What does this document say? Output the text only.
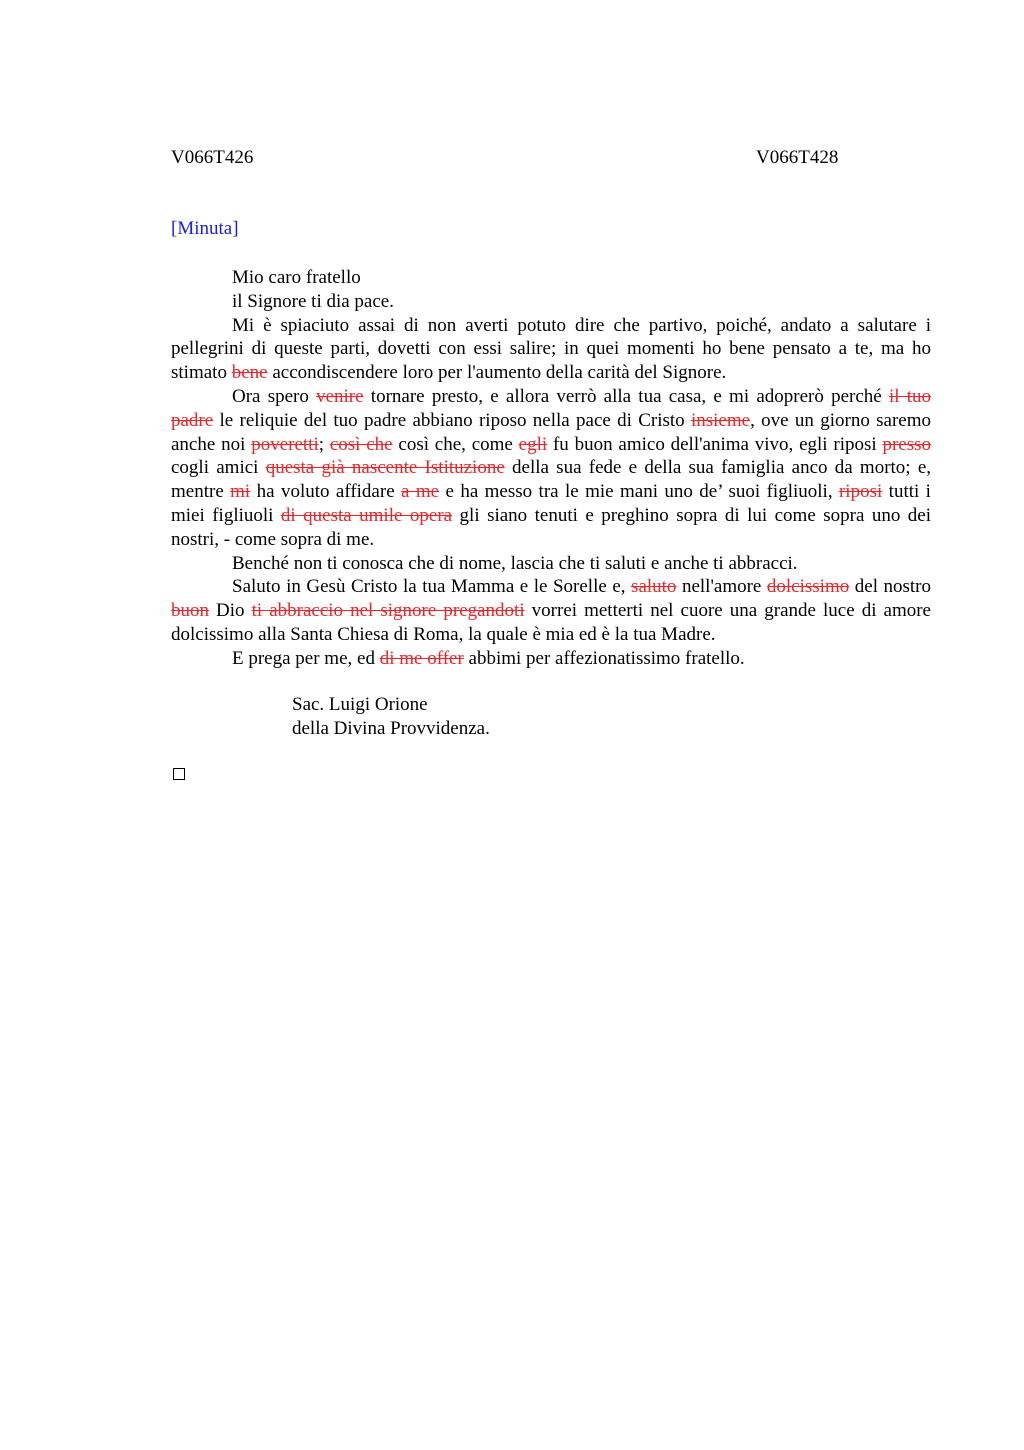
V066T426	V066T428
[Minuta]

Mio caro fratello

il Signore ti dia pace.

Mi è spiaciuto assai di non averti potuto dire che partivo, poiché, andato a salutare i pellegrini di queste parti, dovetti con essi salire; in quei momenti ho bene pensato a te, ma ho stimato bene accondiscendere loro per l'aumento della carità del Signore.

Ora spero venire tornare presto, e allora verrò alla tua casa, e mi adoprerò perché il tuo padre le reliquie del tuo padre abbiano riposo nella pace di Cristo insieme, ove un giorno saremo anche noi poveretti; così che così che, come egli fu buon amico dell'anima vivo, egli riposi presso cogli amici questa già nascente Istituzione della sua fede e della sua famiglia anco da morto; e, mentre mi ha voluto affidare a me e ha messo tra le mie mani uno de’ suoi figliuoli, riposi tutti i miei figliuoli di questa umile opera gli siano tenuti e preghino sopra di lui come sopra uno dei nostri, - come sopra di me.

Benché non ti conosca che di nome, lascia che ti saluti e anche ti abbracci.

Saluto in Gesù Cristo la tua Mamma e le Sorelle e, saluto nell'amore dolcissimo del nostro buon Dio ti abbraccio nel signore pregandoti vorrei metterti nel cuore una grande luce di amore dolcissimo alla Santa Chiesa di Roma, la quale è mia ed è la tua Madre.

E prega per me, ed di me offer abbimi per affezionatissimo fratello.

Sac. Luigi Orione

della Divina Provvidenza.
